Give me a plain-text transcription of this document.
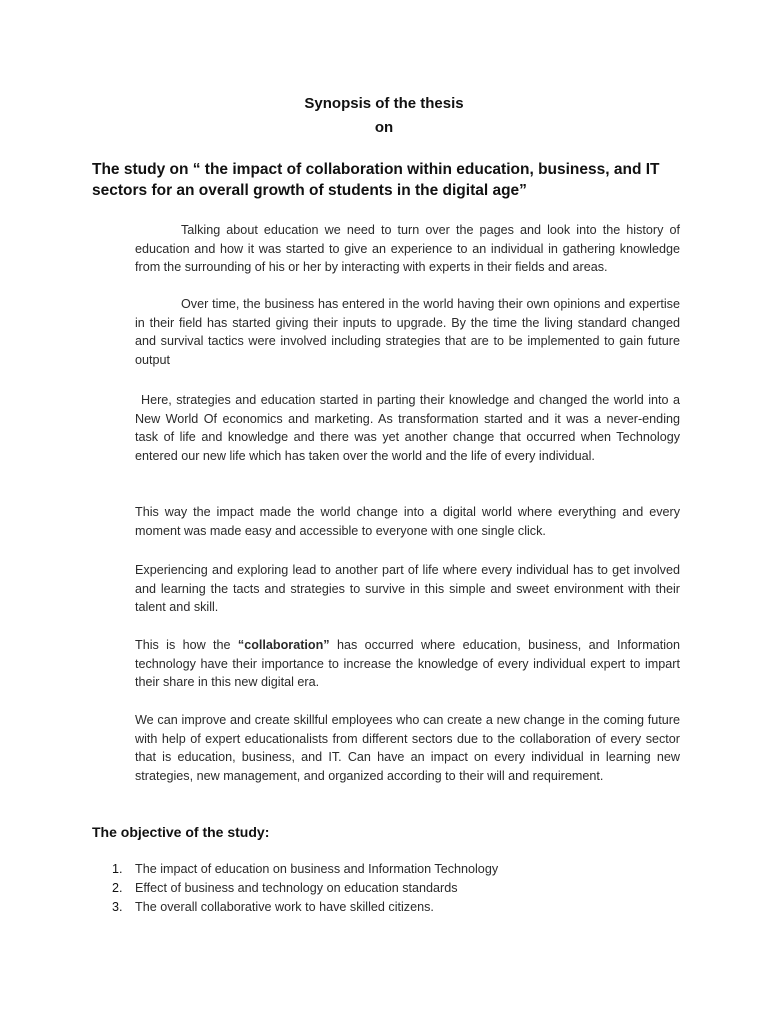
Synopsis of the thesis
on
The study on “ the impact of collaboration within education, business, and IT sectors for an overall growth of students in the digital age”
Talking about education we need to turn over the pages and look into the history of education and how it was started to give an experience to an individual in gathering knowledge from the surrounding of his or her by interacting with experts in their fields and areas.
Over time, the business has entered in the world having their own opinions and expertise in their field has started giving their inputs to upgrade. By the time the living standard changed and survival tactics were involved including strategies that are to be implemented to gain future output
Here, strategies and education started in parting their knowledge and changed the world into a New World Of economics and marketing. As transformation started and it was a never-ending task of life and knowledge and there was yet another change that occurred when Technology entered our new life which has taken over the world and the life of every individual.
This way the impact made the world change into a digital world where everything and every moment was made easy and accessible to everyone with one single click.
Experiencing and exploring lead to another part of life where every individual has to get involved and learning the tacts and strategies to survive in this simple and sweet environment with their talent and skill.
This is how the “collaboration” has occurred where education, business, and Information technology have their importance to increase the knowledge of every individual expert to impart their share in this new digital era.
We can improve and create skillful employees who can create a new change in the coming future with help of expert educationalists from different sectors due to the collaboration of every sector that is education, business, and IT. Can have an impact on every individual in learning new strategies, new management, and organized according to their will and requirement.
The objective of the study:
1. The impact of education on business and Information Technology
2. Effect of business and technology on education standards
3. The overall collaborative work to have skilled citizens.
